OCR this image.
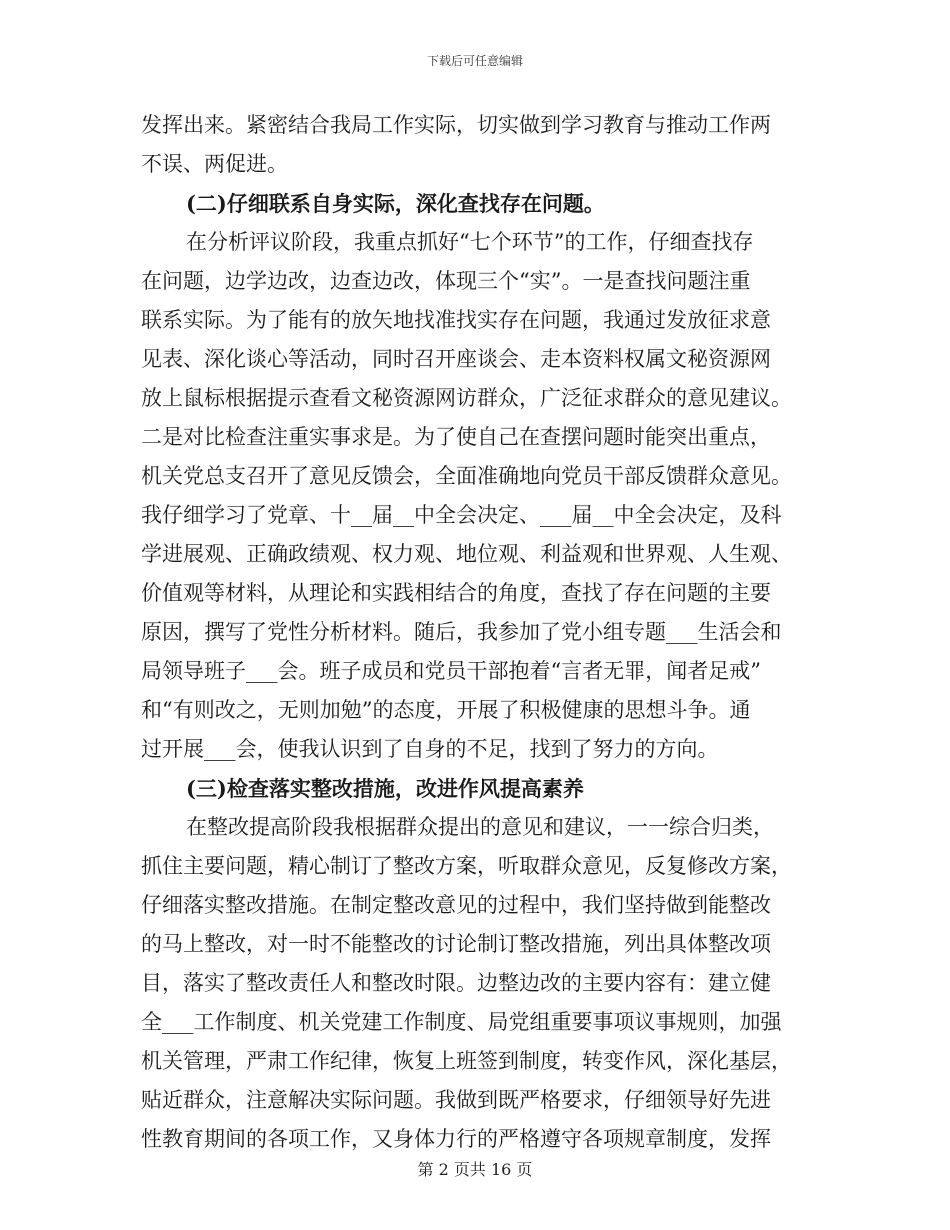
下载后可任意编辑
发挥出来。紧密结合我局工作实际，切实做到学习教育与推动工作两
不误、两促进。
(二)仔细联系自身实际，深化查找存在问题。
在分析评议阶段，我重点抓好“七个环节”的工作，仔细查找存
在问题，边学边改，边查边改，体现三个“实”。一是查找问题注重
联系实际。为了能有的放矢地找准找实存在问题，我通过发放征求意
见表、深化谈心等活动，同时召开座谈会、走本资料权属文秘资源网
放上鼠标根据提示查看文秘资源网访群众，广泛征求群众的意见建议。
二是对比检查注重实事求是。为了使自己在查摆问题时能突出重点，
机关党总支召开了意见反馈会，全面准确地向党员干部反馈群众意见。
我仔细学习了党章、十__届__中全会决定、___届__中全会决定，及科
学进展观、正确政绩观、权力观、地位观、利益观和世界观、人生观、
价值观等材料，从理论和实践相结合的角度，查找了存在问题的主要
原因，撰写了党性分析材料。随后，我参加了党小组专题___生活会和
局领导班子___会。班子成员和党员干部抱着“言者无罪，闻者足戒”
和“有则改之，无则加勉”的态度，开展了积极健康的思想斗争。通
过开展___会，使我认识到了自身的不足，找到了努力的方向。
(三)检查落实整改措施，改进作风提高素养
在整改提高阶段我根据群众提出的意见和建议，一一综合归类，
抓住主要问题，精心制订了整改方案，听取群众意见，反复修改方案，
仔细落实整改措施。在制定整改意见的过程中，我们坚持做到能整改
的马上整改，对一时不能整改的讨论制订整改措施，列出具体整改项
目，落实了整改责任人和整改时限。边整边改的主要内容有：建立健
全___工作制度、机关党建工作制度、局党组重要事项议事规则，加强
机关管理，严肃工作纪律，恢复上班签到制度，转变作风，深化基层，
贴近群众，注意解决实际问题。我做到既严格要求，仔细领导好先进
性教育期间的各项工作，又身体力行的严格遵守各项规章制度，发挥
第 2 页共 16 页
